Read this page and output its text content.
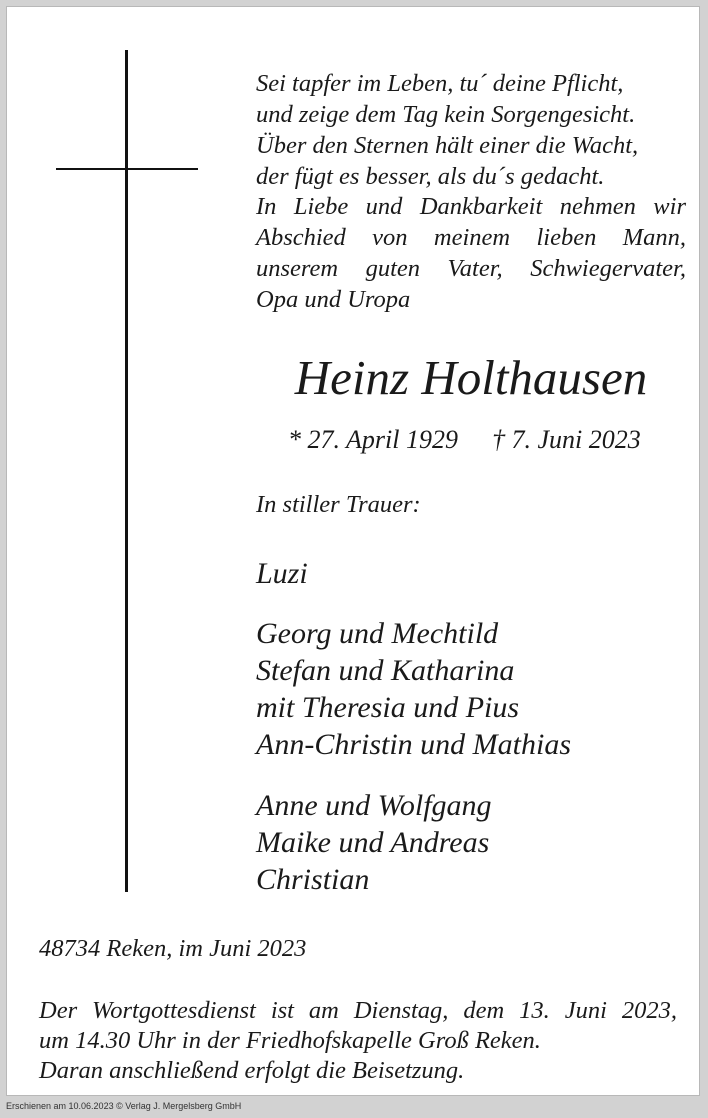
Sei tapfer im Leben, tu´ deine Pflicht,
und zeige dem Tag kein Sorgengesicht.
Über den Sternen hält einer die Wacht,
der fügt es besser, als du´s gedacht.

In Liebe und Dankbarkeit nehmen wir
Abschied von meinem lieben Mann,
unserem guten Vater, Schwiegervater,
Opa und Uropa

Heinz Holthausen

* 27. April 1929 † 7. Juni 2023

In stiller Trauer:

Luzi

Georg und Mechtild
Stefan und Katharina
mit Theresia und Pius
Ann-Christin und Mathias

Anne und Wolfgang
Maike und Andreas
Christian

48734 Reken, im Juni 2023

Der Wortgottesdienst ist am Dienstag, dem 13. Juni 2023,
um 14.30 Uhr in der Friedhofskapelle Groß Reken.
Daran anschließend erfolgt die Beisetzung.

Erschienen am 10.06.2023 © Verlag J. Mergelsberg GmbH
